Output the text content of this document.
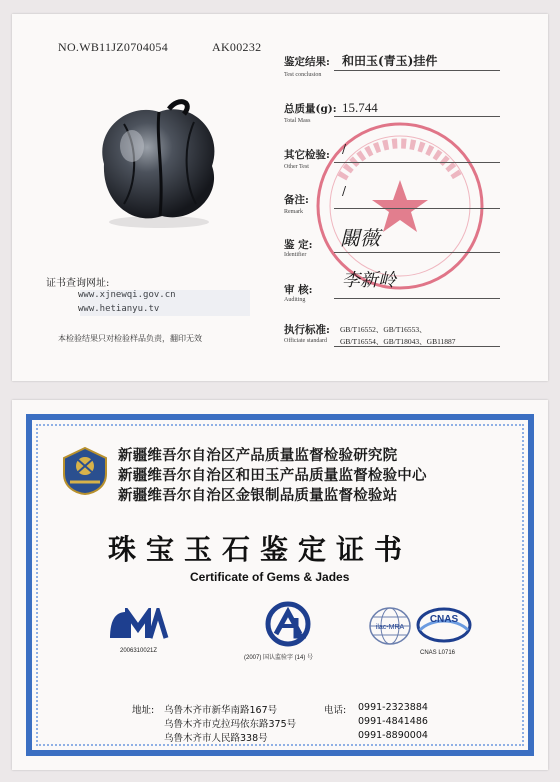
NO.WB11JZ0704054	AK00232
证书查询网址:
www.xjnewqi.gov.cn
www.hetianyu.tv
本检验结果只对检验样品负责，翻印无效
鉴定结果:
Test conclusion
和田玉(青玉)挂件
总质量(g):
Total Mass
15.744
其它检验:
Other Test
/
备注:
Remark
/
鉴 定:
Identifier
闞薇
审 核:
Auditing
李新岭
执行标准: GB/T16552、GB/T16553、
Officiate standard GB/T16554、GB/T18043、GB11887
新疆维吾尔自治区产品质量监督检验研究院
新疆维吾尔自治区和田玉产品质量监督检验中心
新疆维吾尔自治区金银制品质量监督检验站
珠宝玉石鉴定证书
Certificate of Gems & Jades
2006310021Z
(2007) 国认监验字 (14) 号
ilac-MRA
CNAS
CNAS L0716
地址: 乌鲁木齐市新华南路167号
乌鲁木齐市克拉玛依东路375号
乌鲁木齐市人民路338号
电话: 0991-2323884
0991-4841486
0991-8890004
